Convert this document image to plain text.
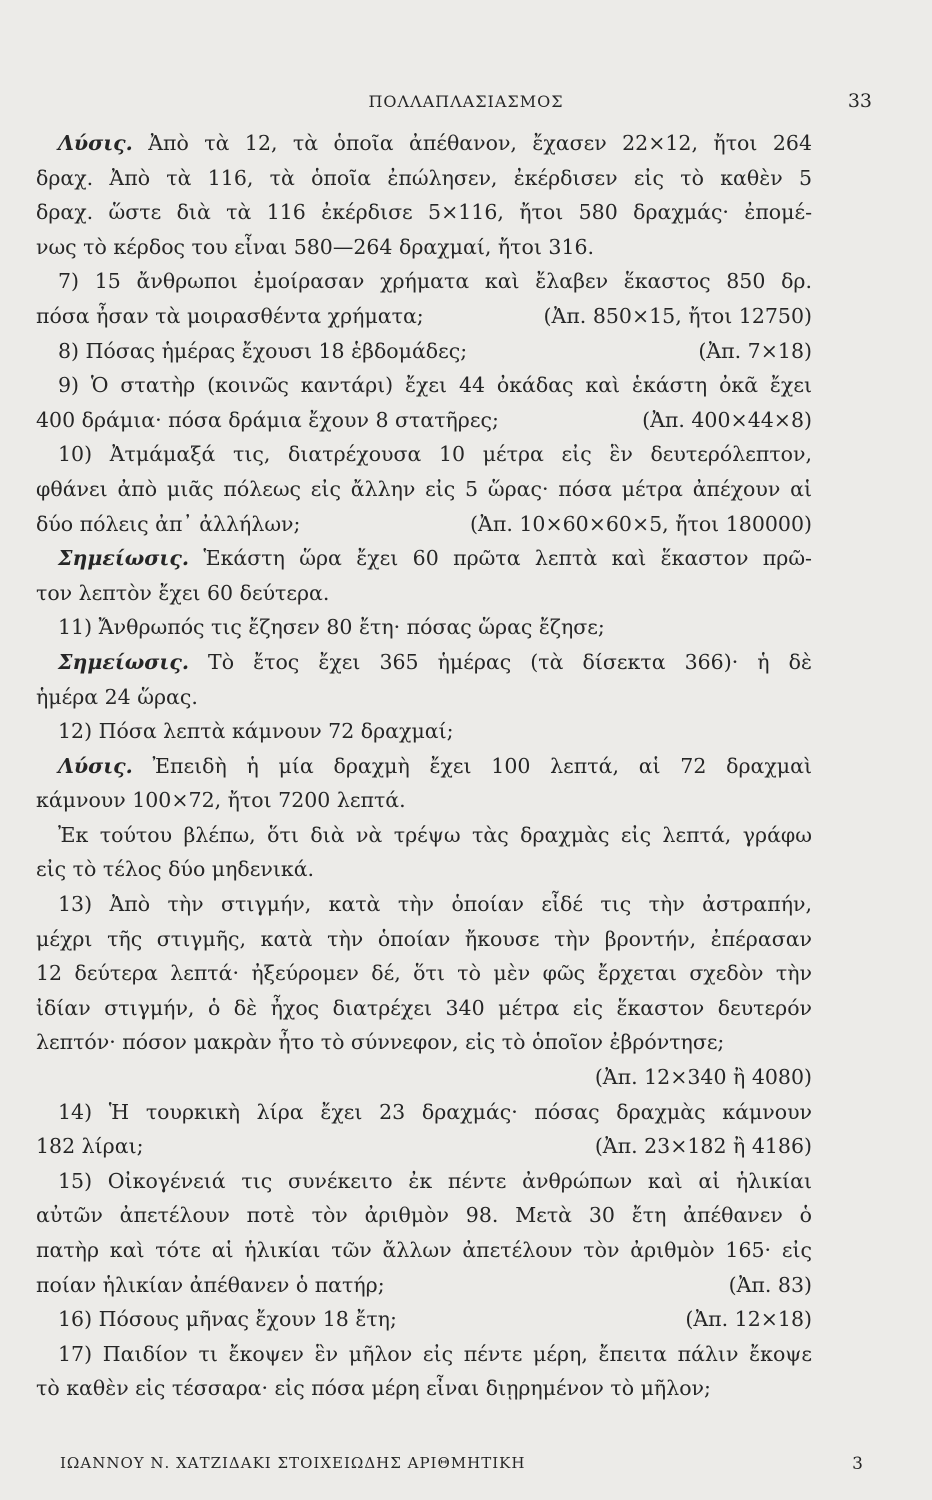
ΠΟΛΛΑΠΛΑΣΙΑΣΜΟΣ	33
Λύσις. Ἀπὸ τὰ 12, τὰ ὁποῖα ἀπέθανον, ἔχασεν 22×12, ἤτοι 264
δραχ. Ἀπὸ τὰ 116, τὰ ὁποῖα ἐπώλησεν, ἐκέρδισεν εἰς τὸ καθὲν 5
δραχ. ὥστε διὰ τὰ 116 ἐκέρδισε 5×116, ἤτοι 580 δραχμάς· ἐπομέ-
νως τὸ κέρδος του εἶναι 580—264 δραχμαί, ἤτοι 316.
7) 15 ἄνθρωποι ἐμοίρασαν χρήματα καὶ ἔλαβεν ἕκαστος 850 δρ.
(Ἀπ. 850×15, ἤτοι 12750)
πόσα ἦσαν τὰ μοιρασθέντα χρήματα;
(Ἀπ. 7×18)
8) Πόσας ἡμέρας ἔχουσι 18 ἑβδομάδες;
9) Ὁ στατὴρ (κοινῶς καντάρι) ἔχει 44 ὀκάδας καὶ ἑκάστη ὀκᾶ ἔχει
(Ἀπ. 400×44×8)
400 δράμια· πόσα δράμια ἔχουν 8 στατῆρες;
10) Ἀτμάμαξά τις, διατρέχουσα 10 μέτρα εἰς ἓν δευτερόλεπτον,
φθάνει ἀπὸ μιᾶς πόλεως εἰς ἄλλην εἰς 5 ὥρας· πόσα μέτρα ἀπέχουν αἱ
(Ἀπ. 10×60×60×5, ἤτοι 180000)
δύο πόλεις ἀπ᾽ ἀλλήλων;
Σημείωσις. Ἑκάστη ὥρα ἔχει 60 πρῶτα λεπτὰ καὶ ἕκαστον πρῶ-
τον λεπτὸν ἔχει 60 δεύτερα.
11) Ἄνθρωπός τις ἔζησεν 80 ἔτη· πόσας ὥρας ἔζησε;
Σημείωσις. Τὸ ἔτος ἔχει 365 ἡμέρας (τὰ δίσεκτα 366)· ἡ δὲ
ἡμέρα 24 ὥρας.
12) Πόσα λεπτὰ κάμνουν 72 δραχμαί;
Λύσις. Ἐπειδὴ ἡ μία δραχμὴ ἔχει 100 λεπτά, αἱ 72 δραχμαὶ
κάμνουν 100×72, ἤτοι 7200 λεπτά.
Ἐκ τούτου βλέπω, ὅτι διὰ νὰ τρέψω τὰς δραχμὰς εἰς λεπτά, γράφω
εἰς τὸ τέλος δύο μηδενικά.
13) Ἀπὸ τὴν στιγμήν, κατὰ τὴν ὁποίαν εἶδέ τις τὴν ἀστραπήν,
μέχρι τῆς στιγμῆς, κατὰ τὴν ὁποίαν ἤκουσε τὴν βροντήν, ἐπέρασαν
12 δεύτερα λεπτά· ἠξεύρομεν δέ, ὅτι τὸ μὲν φῶς ἔρχεται σχεδὸν τὴν
ἰδίαν στιγμήν, ὁ δὲ ἦχος διατρέχει 340 μέτρα εἰς ἕκαστον δευτερόν
λεπτόν· πόσον μακρὰν ἦτο τὸ σύννεφον, εἰς τὸ ὁποῖον ἐβρόντησε;
(Ἀπ. 12×340 ἢ 4080)

14) Ἡ τουρκικὴ λίρα ἔχει 23 δραχμάς· πόσας δραχμὰς κάμνουν
(Ἀπ. 23×182 ἢ 4186)
182 λίραι;
15) Οἰκογένειά τις συνέκειτο ἐκ πέντε ἀνθρώπων καὶ αἱ ἡλικίαι
αὐτῶν ἀπετέλουν ποτὲ τὸν ἀριθμὸν 98. Μετὰ 30 ἔτη ἀπέθανεν ὁ
πατὴρ καὶ τότε αἱ ἡλικίαι τῶν ἄλλων ἀπετέλουν τὸν ἀριθμὸν 165· εἰς
(Ἀπ. 83)
ποίαν ἡλικίαν ἀπέθανεν ὁ πατήρ;
(Ἀπ. 12×18)
16) Πόσους μῆνας ἔχουν 18 ἔτη;
17) Παιδίον τι ἔκοψεν ἓν μῆλον εἰς πέντε μέρη, ἔπειτα πάλιν ἔκοψε
τὸ καθὲν εἰς τέσσαρα· εἰς πόσα μέρη εἶναι διῃρημένον τὸ μῆλον;
ΙΩΑΝΝΟΥ Ν. ΧΑΤΖΙΔΑΚΙ ΣΤΟΙΧΕΙΩΔΗΣ ΑΡΙΘΜΗΤΙΚΗ	3
